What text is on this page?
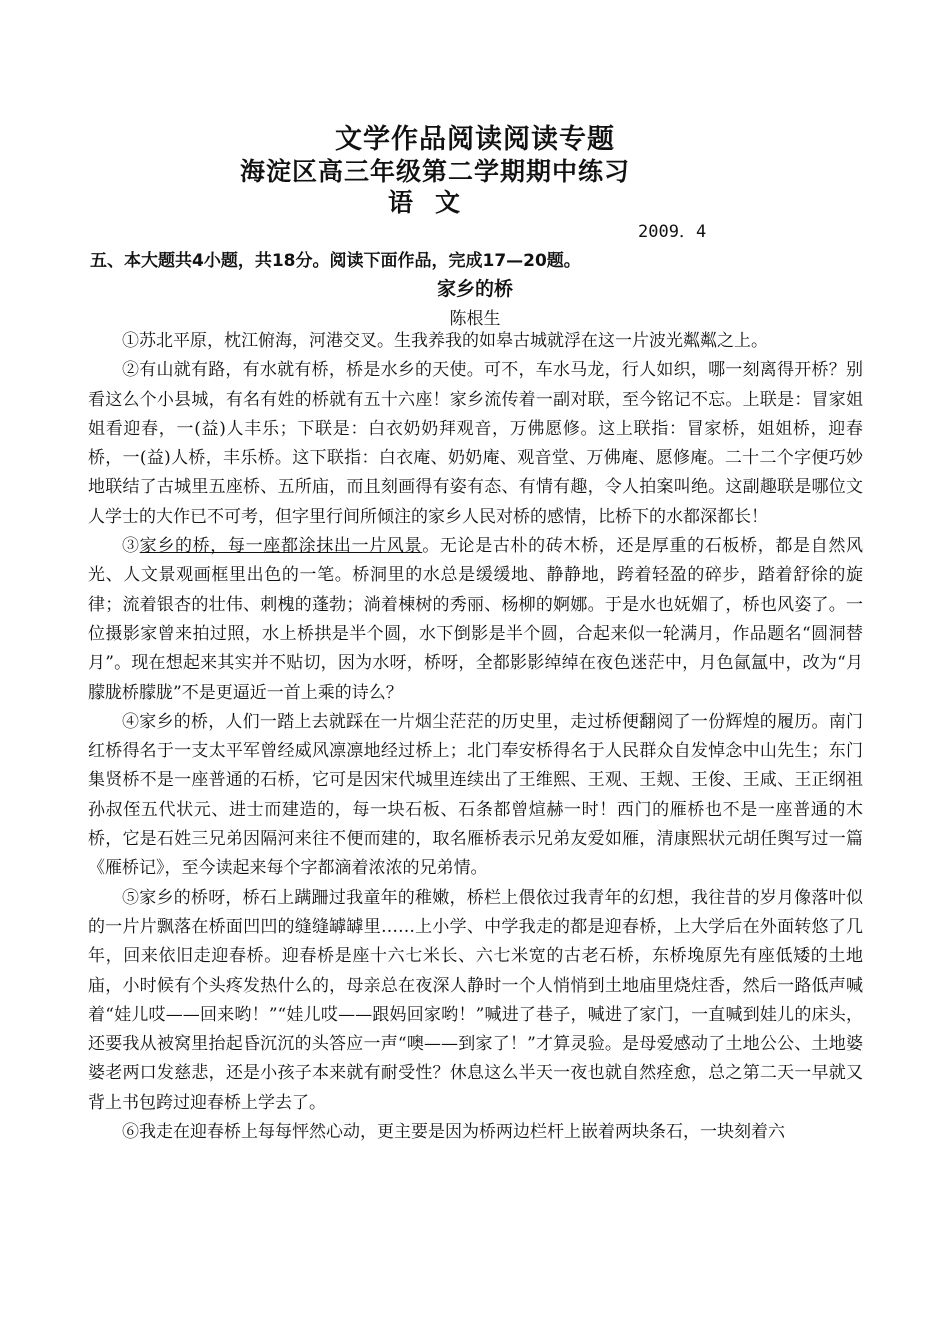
文学作品阅读阅读专题
海淀区高三年级第二学期期中练习
语文
2009．4
五、本大题共4小题，共18分。阅读下面作品，完成17—20题。
家乡的桥
陈根生

①苏北平原，枕江俯海，河港交叉。生我养我的如皋古城就浮在这一片波光粼粼之上。

②有山就有路，有水就有桥，桥是水乡的天使。可不，车水马龙，行人如织，哪一刻离得开桥？别看这么个小县城，有名有姓的桥就有五十六座！家乡流传着一副对联，至今铭记不忘。上联是：冒家姐姐看迎春，一(益)人丰乐；下联是：白衣奶奶拜观音，万佛愿修。这上联指：冒家桥，姐姐桥，迎春桥，一(益)人桥，丰乐桥。这下联指：白衣庵、奶奶庵、观音堂、万佛庵、愿修庵。二十二个字便巧妙地联结了古城里五座桥、五所庙，而且刻画得有姿有态、有情有趣，令人拍案叫绝。这副趣联是哪位文人学士的大作已不可考，但字里行间所倾注的家乡人民对桥的感情，比桥下的水都深都长！

③家乡的桥，每一座都涂抹出一片风景。无论是古朴的砖木桥，还是厚重的石板桥，都是自然风光、人文景观画框里出色的一笔。桥洞里的水总是缓缓地、静静地，跨着轻盈的碎步，踏着舒徐的旋律；流着银杏的壮伟、刺槐的蓬勃；淌着棟树的秀丽、杨柳的婀娜。于是水也妩媚了，桥也风姿了。一位摄影家曾来拍过照，水上桥拱是半个圆，水下倒影是半个圆，合起来似一轮满月，作品题名“圆洞替月”。现在想起来其实并不贴切，因为水呀，桥呀，全都影影绰绰在夜色迷茫中，月色氤氲中，改为“月朦胧桥朦胧”不是更逼近一首上乘的诗么？

④家乡的桥，人们一踏上去就踩在一片烟尘茫茫的历史里，走过桥便翻阅了一份辉煌的履历。南门红桥得名于一支太平军曾经威风凛凛地经过桥上；北门奉安桥得名于人民群众自发悼念中山先生；东门集贤桥不是一座普通的石桥，它可是因宋代城里连续出了王维熙、王观、王觌、王俊、王咸、王正纲祖孙叔侄五代状元、进士而建造的，每一块石板、石条都曾煊赫一时！西门的雁桥也不是一座普通的木桥，它是石姓三兄弟因隔河来往不便而建的，取名雁桥表示兄弟友爱如雁，清康熙状元胡任舆写过一篇《雁桥记》，至今读起来每个字都滴着浓浓的兄弟情。

⑤家乡的桥呀，桥石上蹒跚过我童年的稚嫩，桥栏上偎依过我青年的幻想，我往昔的岁月像落叶似的一片片飘落在桥面凹凹的缝缝罅罅里……上小学、中学我走的都是迎春桥，上大学后在外面转悠了几年，回来依旧走迎春桥。迎春桥是座十六七米长、六七米宽的古老石桥，东桥堍原先有座低矮的土地庙，小时候有个头疼发热什么的，母亲总在夜深人静时一个人悄悄到土地庙里烧炷香，然后一路低声喊着“娃儿哎——回来哟！”“娃儿哎——跟妈回家哟！”喊进了巷子，喊进了家门，一直喊到娃儿的床头，还要我从被窝里抬起昏沉沉的头答应一声“噢——到家了！”才算灵验。是母爱感动了土地公公、土地婆婆老两口发慈悲，还是小孩子本来就有耐受性？休息这么半天一夜也就自然痊愈，总之第二天一早就又背上书包跨过迎春桥上学去了。

⑥我走在迎春桥上每每怦然心动，更主要是因为桥两边栏杆上嵌着两块条石，一块刻着六
